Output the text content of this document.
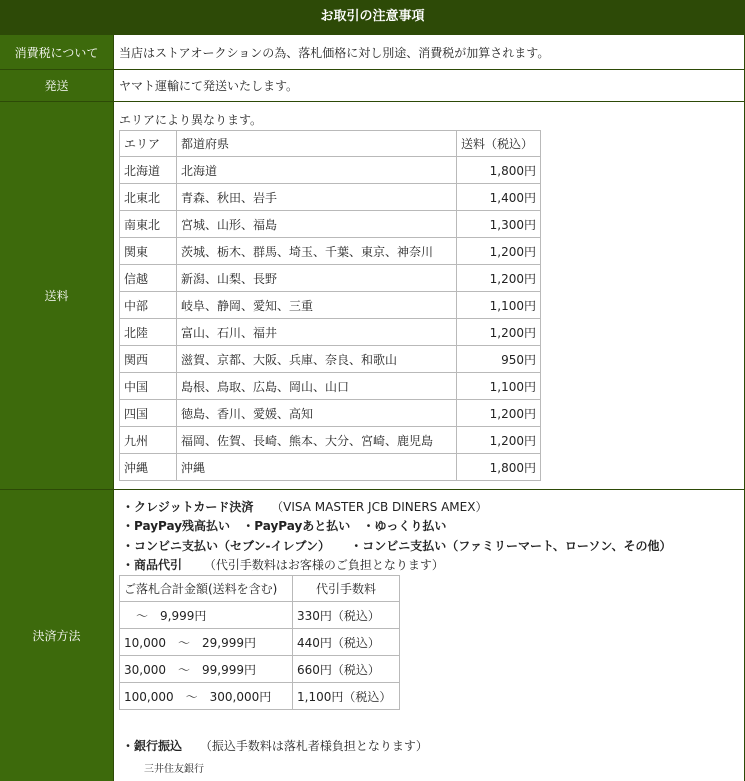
お取引の注意事項
消費税について	当店はストアオークションの為、落札価格に対し別途、消費税が加算されます。
発送	ヤマト運輸にて発送いたします。
送料
エリアにより異なります。
エリア	都道府県	送料（税込）
北海道	北海道	1,800円
北東北	青森、秋田、岩手	1,400円
南東北	宮城、山形、福島	1,300円
関東	茨城、栃木、群馬、埼玉、千葉、東京、神奈川	1,200円
信越	新潟、山梨、長野	1,200円
中部	岐阜、静岡、愛知、三重	1,100円
北陸	富山、石川、福井	1,200円
関西	滋賀、京都、大阪、兵庫、奈良、和歌山	950円
中国	島根、鳥取、広島、岡山、山口	1,100円
四国	徳島、香川、愛媛、高知	1,200円
九州	福岡、佐賀、長崎、熊本、大分、宮崎、鹿児島	1,200円
沖縄	沖縄	1,800円
決済方法
・クレジットカード決済 （VISA MASTER JCB DINERS AMEX）
・PayPay残高払い ・PayPayあと払い ・ゆっくり払い
・コンビニ支払い（セブン-イレブン） ・コンビニ支払い（ファミリーマート、ローソン、その他）
・商品代引 （代引手数料はお客様のご負担となります）
ご落札合計金額(送料を含む)	代引手数料
～　9,999円	330円（税込）
10,000　～　29,999円	440円（税込）
30,000　～　99,999円	660円（税込）
100,000　～　300,000円	1,100円（税込）
・銀行振込 （振込手数料は落札者様負担となります）
三井住友銀行
